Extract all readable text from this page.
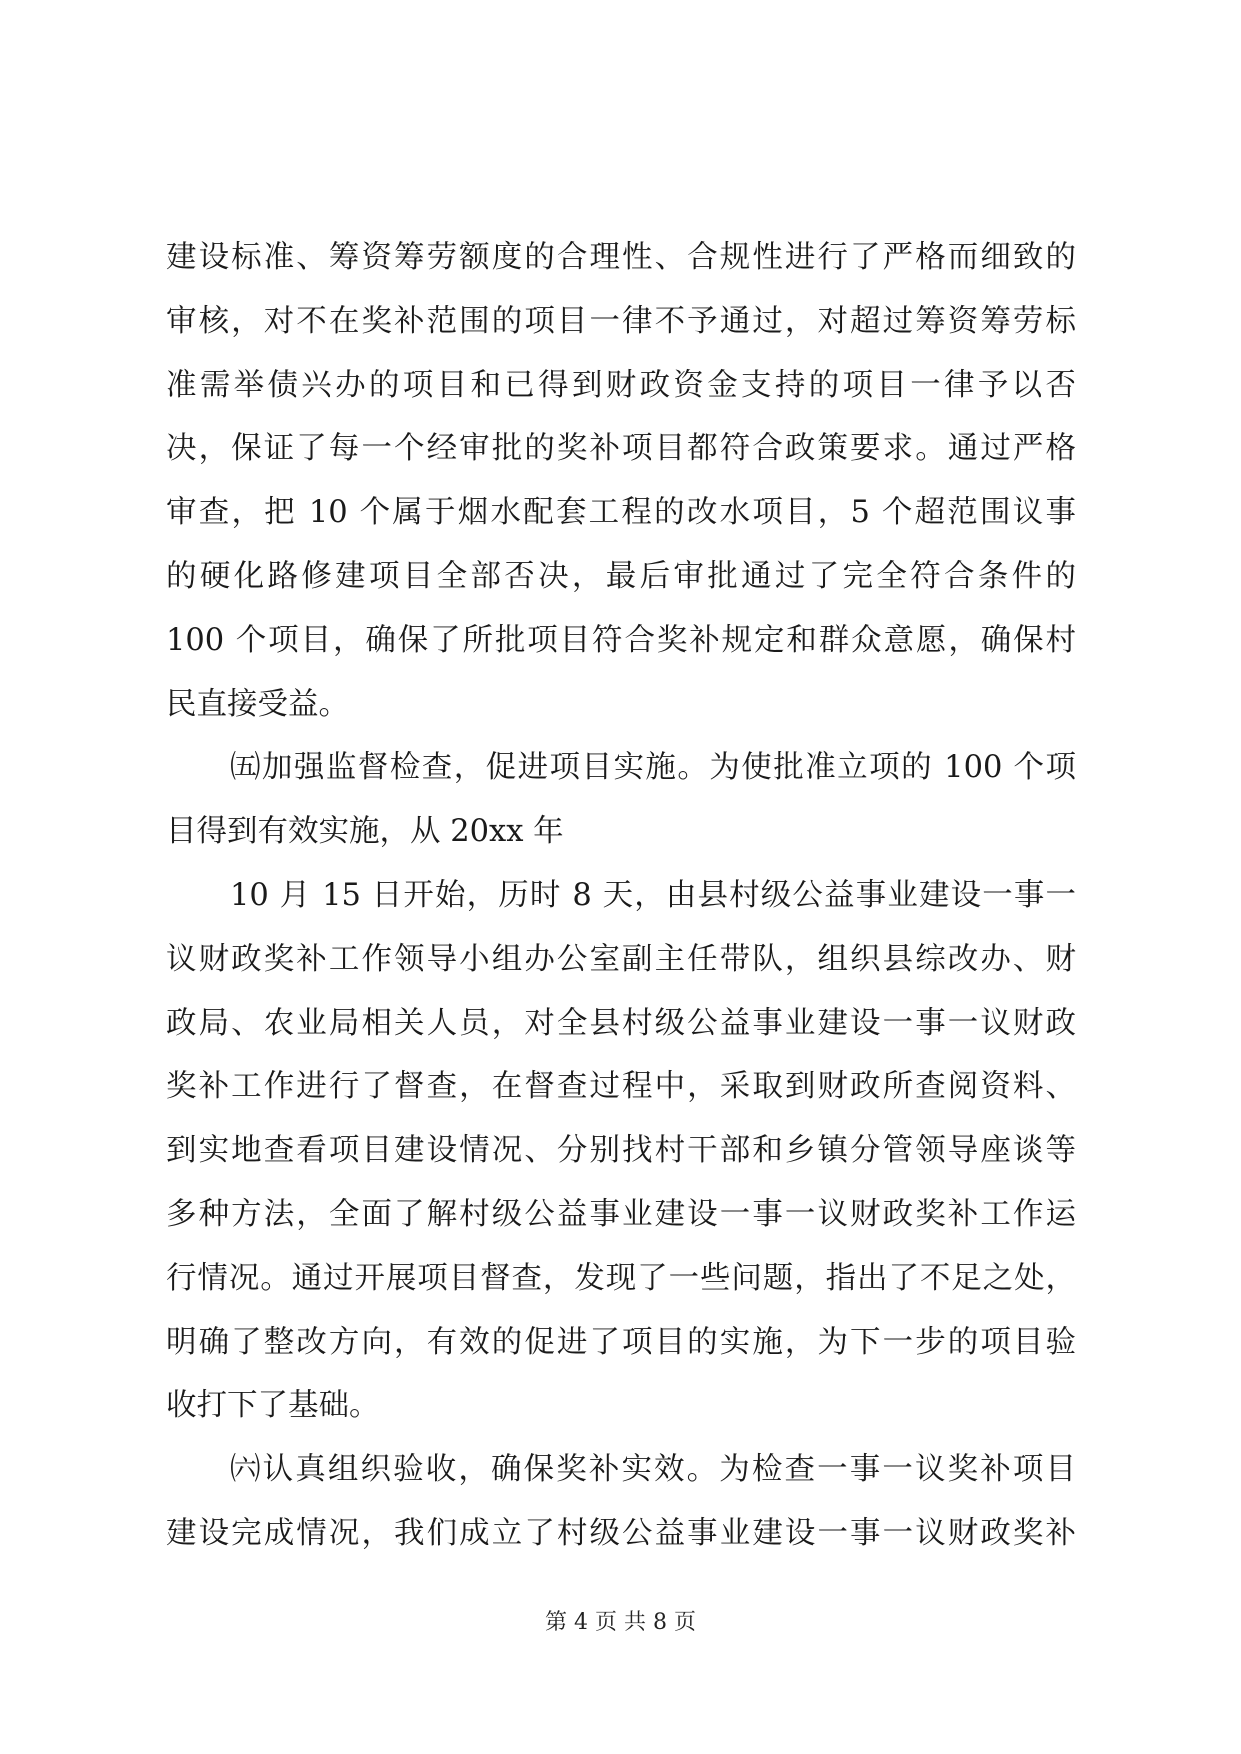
建设标准、筹资筹劳额度的合理性、合规性进行了严格而细致的
审核，对不在奖补范围的项目一律不予通过，对超过筹资筹劳标
准需举债兴办的项目和已得到财政资金支持的项目一律予以否
决，保证了每一个经审批的奖补项目都符合政策要求。通过严格
审查，把 10 个属于烟水配套工程的改水项目，5 个超范围议事
的硬化路修建项目全部否决，最后审批通过了完全符合条件的
100 个项目，确保了所批项目符合奖补规定和群众意愿，确保村
民直接受益。
㈤加强监督检查，促进项目实施。为使批准立项的 100 个项
目得到有效实施，从 20xx 年
10 月 15 日开始，历时 8 天，由县村级公益事业建设一事一
议财政奖补工作领导小组办公室副主任带队，组织县综改办、财
政局、农业局相关人员，对全县村级公益事业建设一事一议财政
奖补工作进行了督查，在督查过程中，采取到财政所查阅资料、
到实地查看项目建设情况、分别找村干部和乡镇分管领导座谈等
多种方法，全面了解村级公益事业建设一事一议财政奖补工作运
行情况。通过开展项目督查，发现了一些问题，指出了不足之处，
明确了整改方向，有效的促进了项目的实施，为下一步的项目验
收打下了基础。
㈥认真组织验收，确保奖补实效。为检查一事一议奖补项目
建设完成情况，我们成立了村级公益事业建设一事一议财政奖补
第 4 页 共 8 页
